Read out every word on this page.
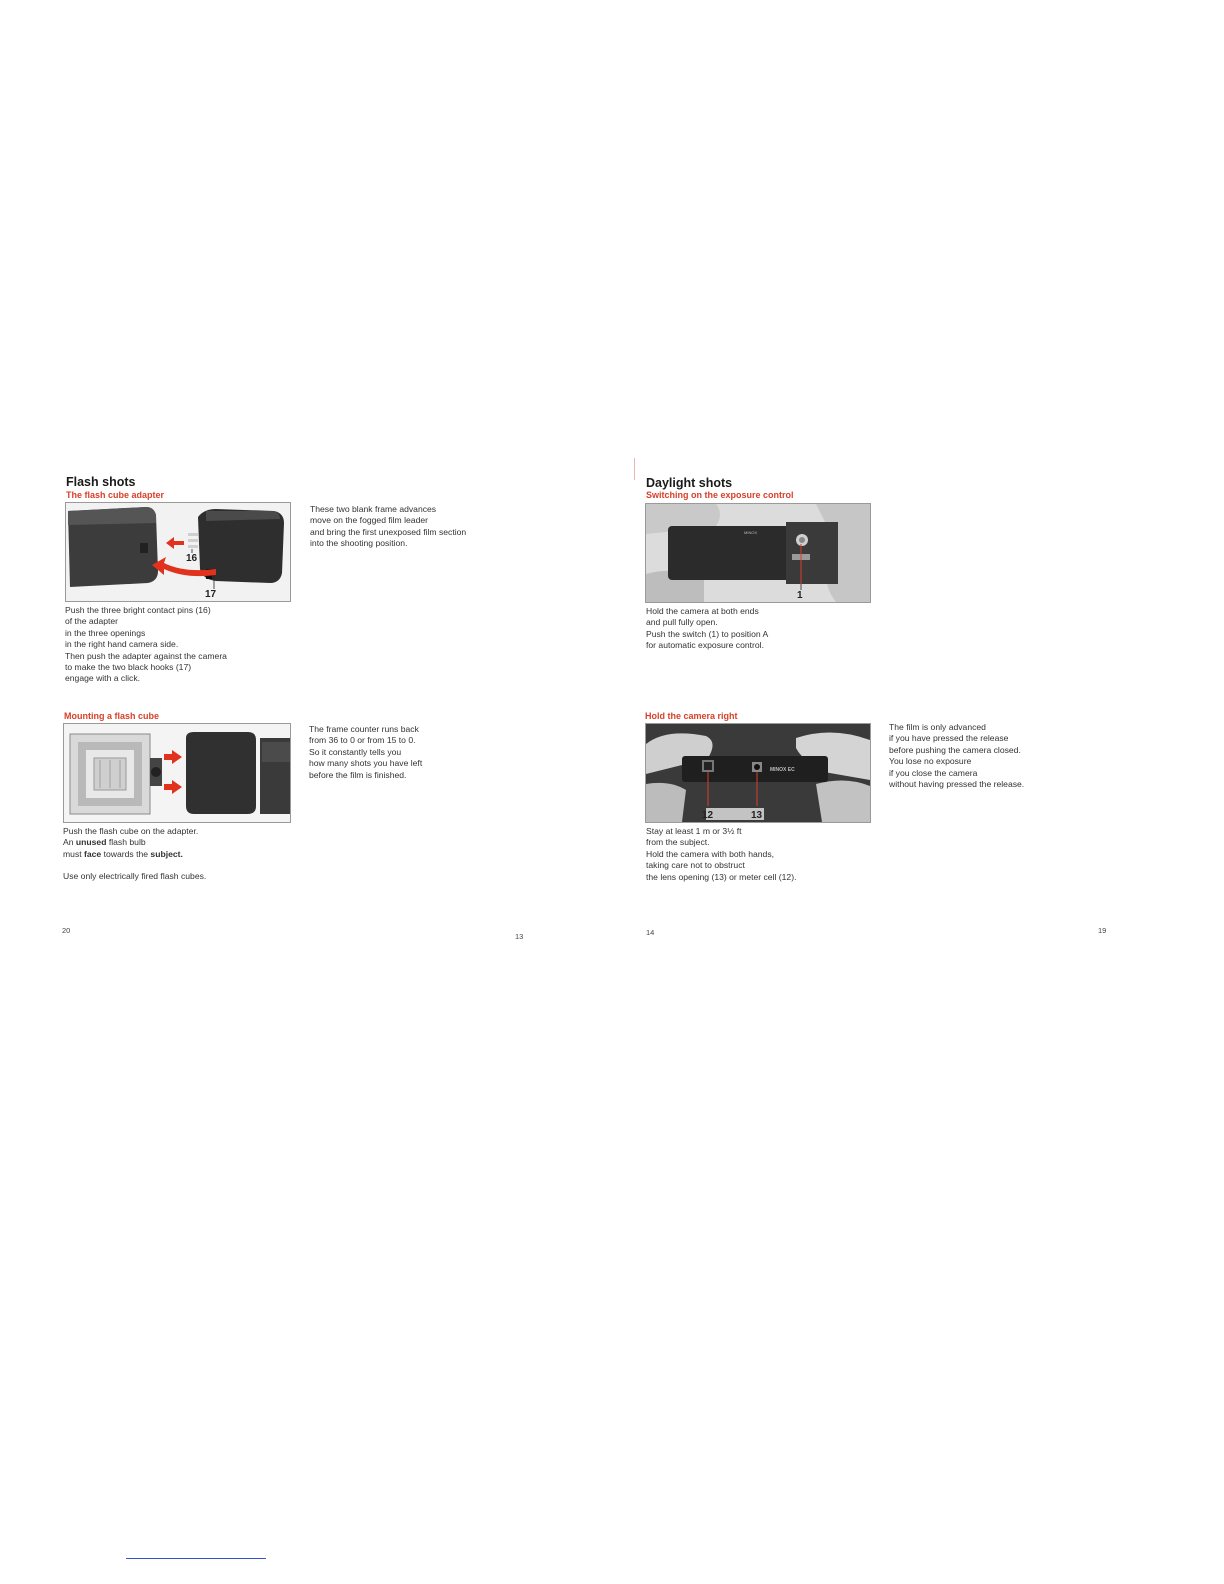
Flash shots
The flash cube adapter
16
17
These two blank frame advances
move on the fogged film leader
and bring the first unexposed film section
into the shooting position.
Push the three bright contact pins (16)
of the adapter
in the three openings
in the right hand camera side.
Then push the adapter against the camera
to make the two black hooks (17)
engage with a click.
Mounting a flash cube
The frame counter runs back
from 36 to 0 or from 15 to 0.
So it constantly tells you
how many shots you have left
before the film is finished.
Push the flash cube on the adapter.
An unused flash bulb
must face towards the subject.
Use only electrically fired flash cubes.
20
13
Daylight shots
Switching on the exposure control
MINOX
1
Hold the camera at both ends
and pull fully open.
Push the switch (1) to position A
for automatic exposure control.
Hold the camera right
MINOX EC
12	13
The film is only advanced
if you have pressed the release
before pushing the camera closed.
You lose no exposure
if you close the camera
without having pressed the release.
Stay at least 1 m or 3½ ft
from the subject.
Hold the camera with both hands,
taking care not to obstruct
the lens opening (13) or meter cell (12).
14	19
